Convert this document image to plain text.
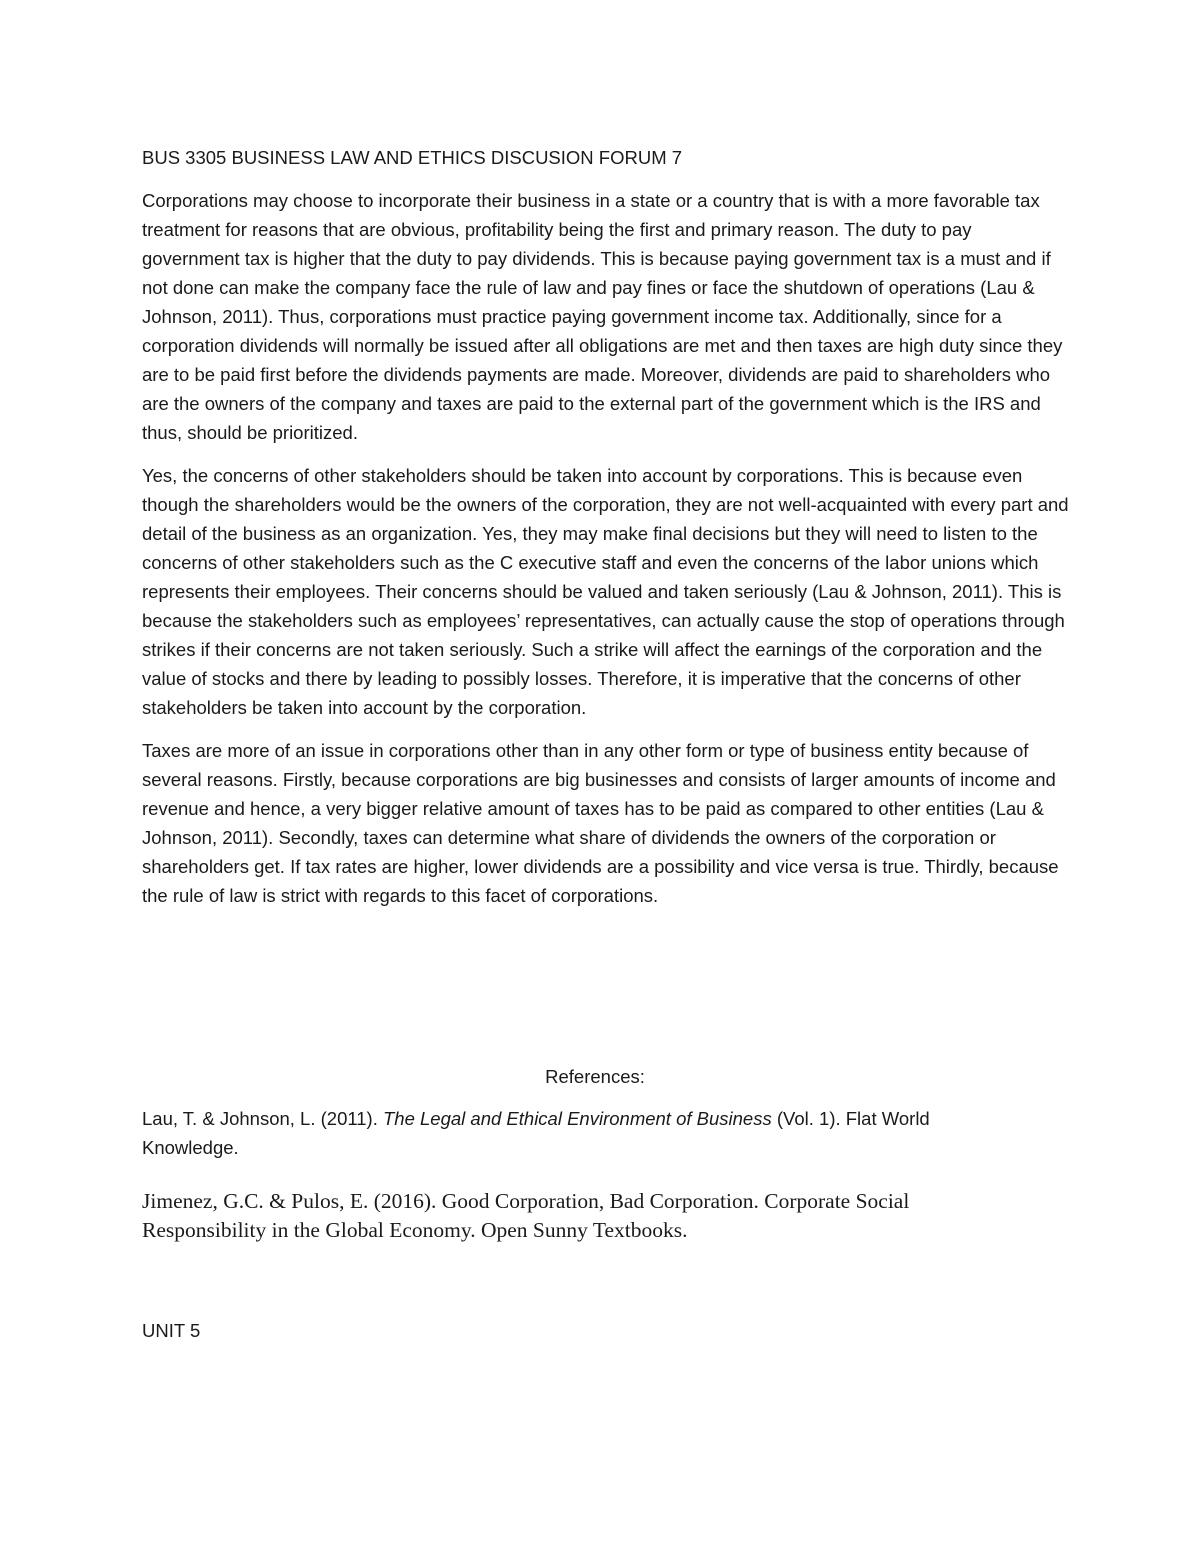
BUS 3305 BUSINESS LAW AND ETHICS DISCUSION FORUM 7

Corporations may choose to incorporate their business in a state or a country that is with a more favorable tax treatment for reasons that are obvious, profitability being the first and primary reason. The duty to pay government tax is higher that the duty to pay dividends. This is because paying government tax is a must and if not done can make the company face the rule of law and pay fines or face the shutdown of operations (Lau & Johnson, 2011). Thus, corporations must practice paying government income tax. Additionally, since for a corporation dividends will normally be issued after all obligations are met and then taxes are high duty since they are to be paid first before the dividends payments are made. Moreover, dividends are paid to shareholders who are the owners of the company and taxes are paid to the external part of the government which is the IRS and thus, should be prioritized.

Yes, the concerns of other stakeholders should be taken into account by corporations. This is because even though the shareholders would be the owners of the corporation, they are not well-acquainted with every part and detail of the business as an organization. Yes, they may make final decisions but they will need to listen to the concerns of other stakeholders such as the C executive staff and even the concerns of the labor unions which represents their employees. Their concerns should be valued and taken seriously (Lau & Johnson, 2011). This is because the stakeholders such as employees’ representatives, can actually cause the stop of operations through strikes if their concerns are not taken seriously. Such a strike will affect the earnings of the corporation and the value of stocks and there by leading to possibly losses. Therefore, it is imperative that the concerns of other stakeholders be taken into account by the corporation.

Taxes are more of an issue in corporations other than in any other form or type of business entity because of several reasons. Firstly, because corporations are big businesses and consists of larger amounts of income and revenue and hence, a very bigger relative amount of taxes has to be paid as compared to other entities (Lau & Johnson, 2011). Secondly, taxes can determine what share of dividends the owners of the corporation or shareholders get. If tax rates are higher, lower dividends are a possibility and vice versa is true. Thirdly, because the rule of law is strict with regards to this facet of corporations.

References:

Lau, T. & Johnson, L. (2011). The Legal and Ethical Environment of Business (Vol. 1). Flat World Knowledge.

Jimenez, G.C. & Pulos, E. (2016). Good Corporation, Bad Corporation. Corporate Social Responsibility in the Global Economy. Open Sunny Textbooks.

UNIT 5
